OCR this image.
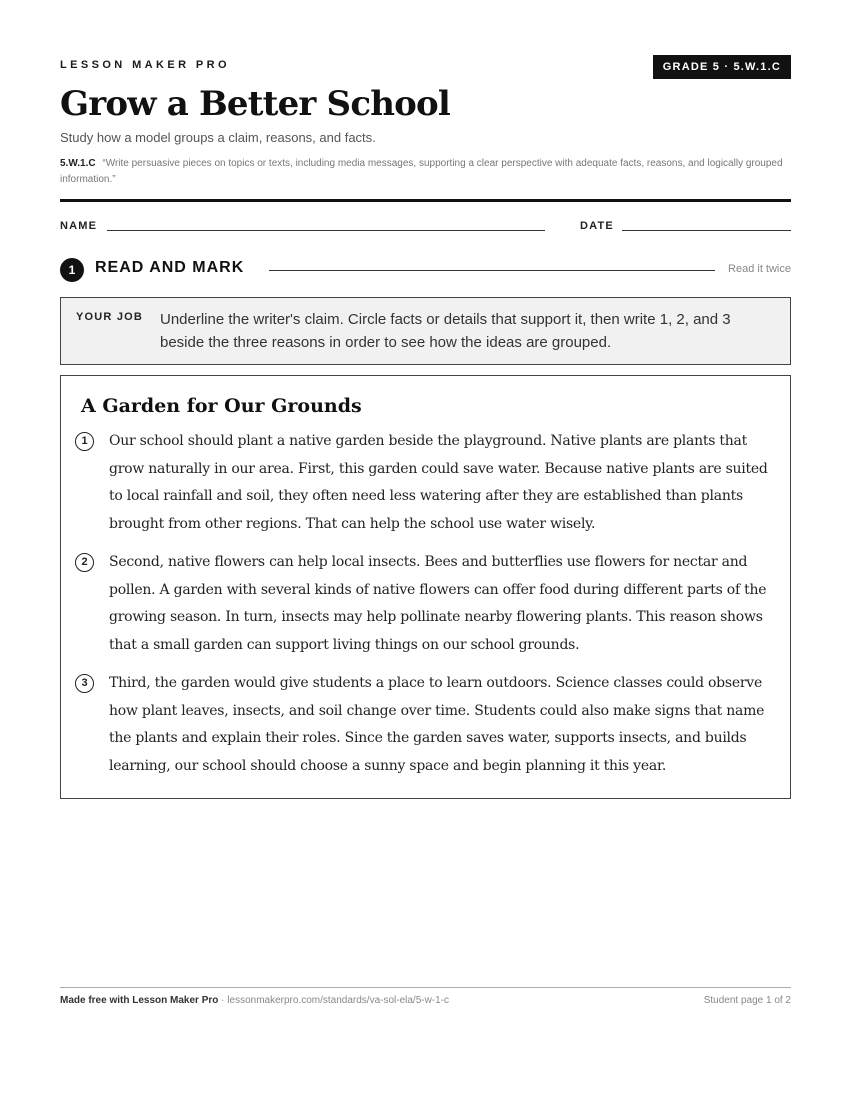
LESSON MAKER PRO	GRADE 5 · 5.W.1.C
Grow a Better School
Study how a model groups a claim, reasons, and facts.
5.W.1.C “Write persuasive pieces on topics or texts, including media messages, supporting a clear perspective with adequate facts, reasons, and logically grouped information.”
NAME	DATE
1	READ AND MARK	Read it twice
YOUR JOB Underline the writer's claim. Circle facts or details that support it, then write 1, 2, and 3 beside the three reasons in order to see how the ideas are grouped.
A Garden for Our Grounds
1	Our school should plant a native garden beside the playground. Native plants are plants that grow naturally in our area. First, this garden could save water. Because native plants are suited to local rainfall and soil, they often need less watering after they are established than plants brought from other regions. That can help the school use water wisely.

2	Second, native flowers can help local insects. Bees and butterflies use flowers for nectar and pollen. A garden with several kinds of native flowers can offer food during different parts of the growing season. In turn, insects may help pollinate nearby flowering plants. This reason shows that a small garden can support living things on our school grounds.

3	Third, the garden would give students a place to learn outdoors. Science classes could observe how plant leaves, insects, and soil change over time. Students could also make signs that name the plants and explain their roles. Since the garden saves water, supports insects, and builds learning, our school should choose a sunny space and begin planning it this year.

Made free with Lesson Maker Pro · lessonmakerpro.com/standards/va-sol-ela/5-w-1-c	Student page 1 of 2
